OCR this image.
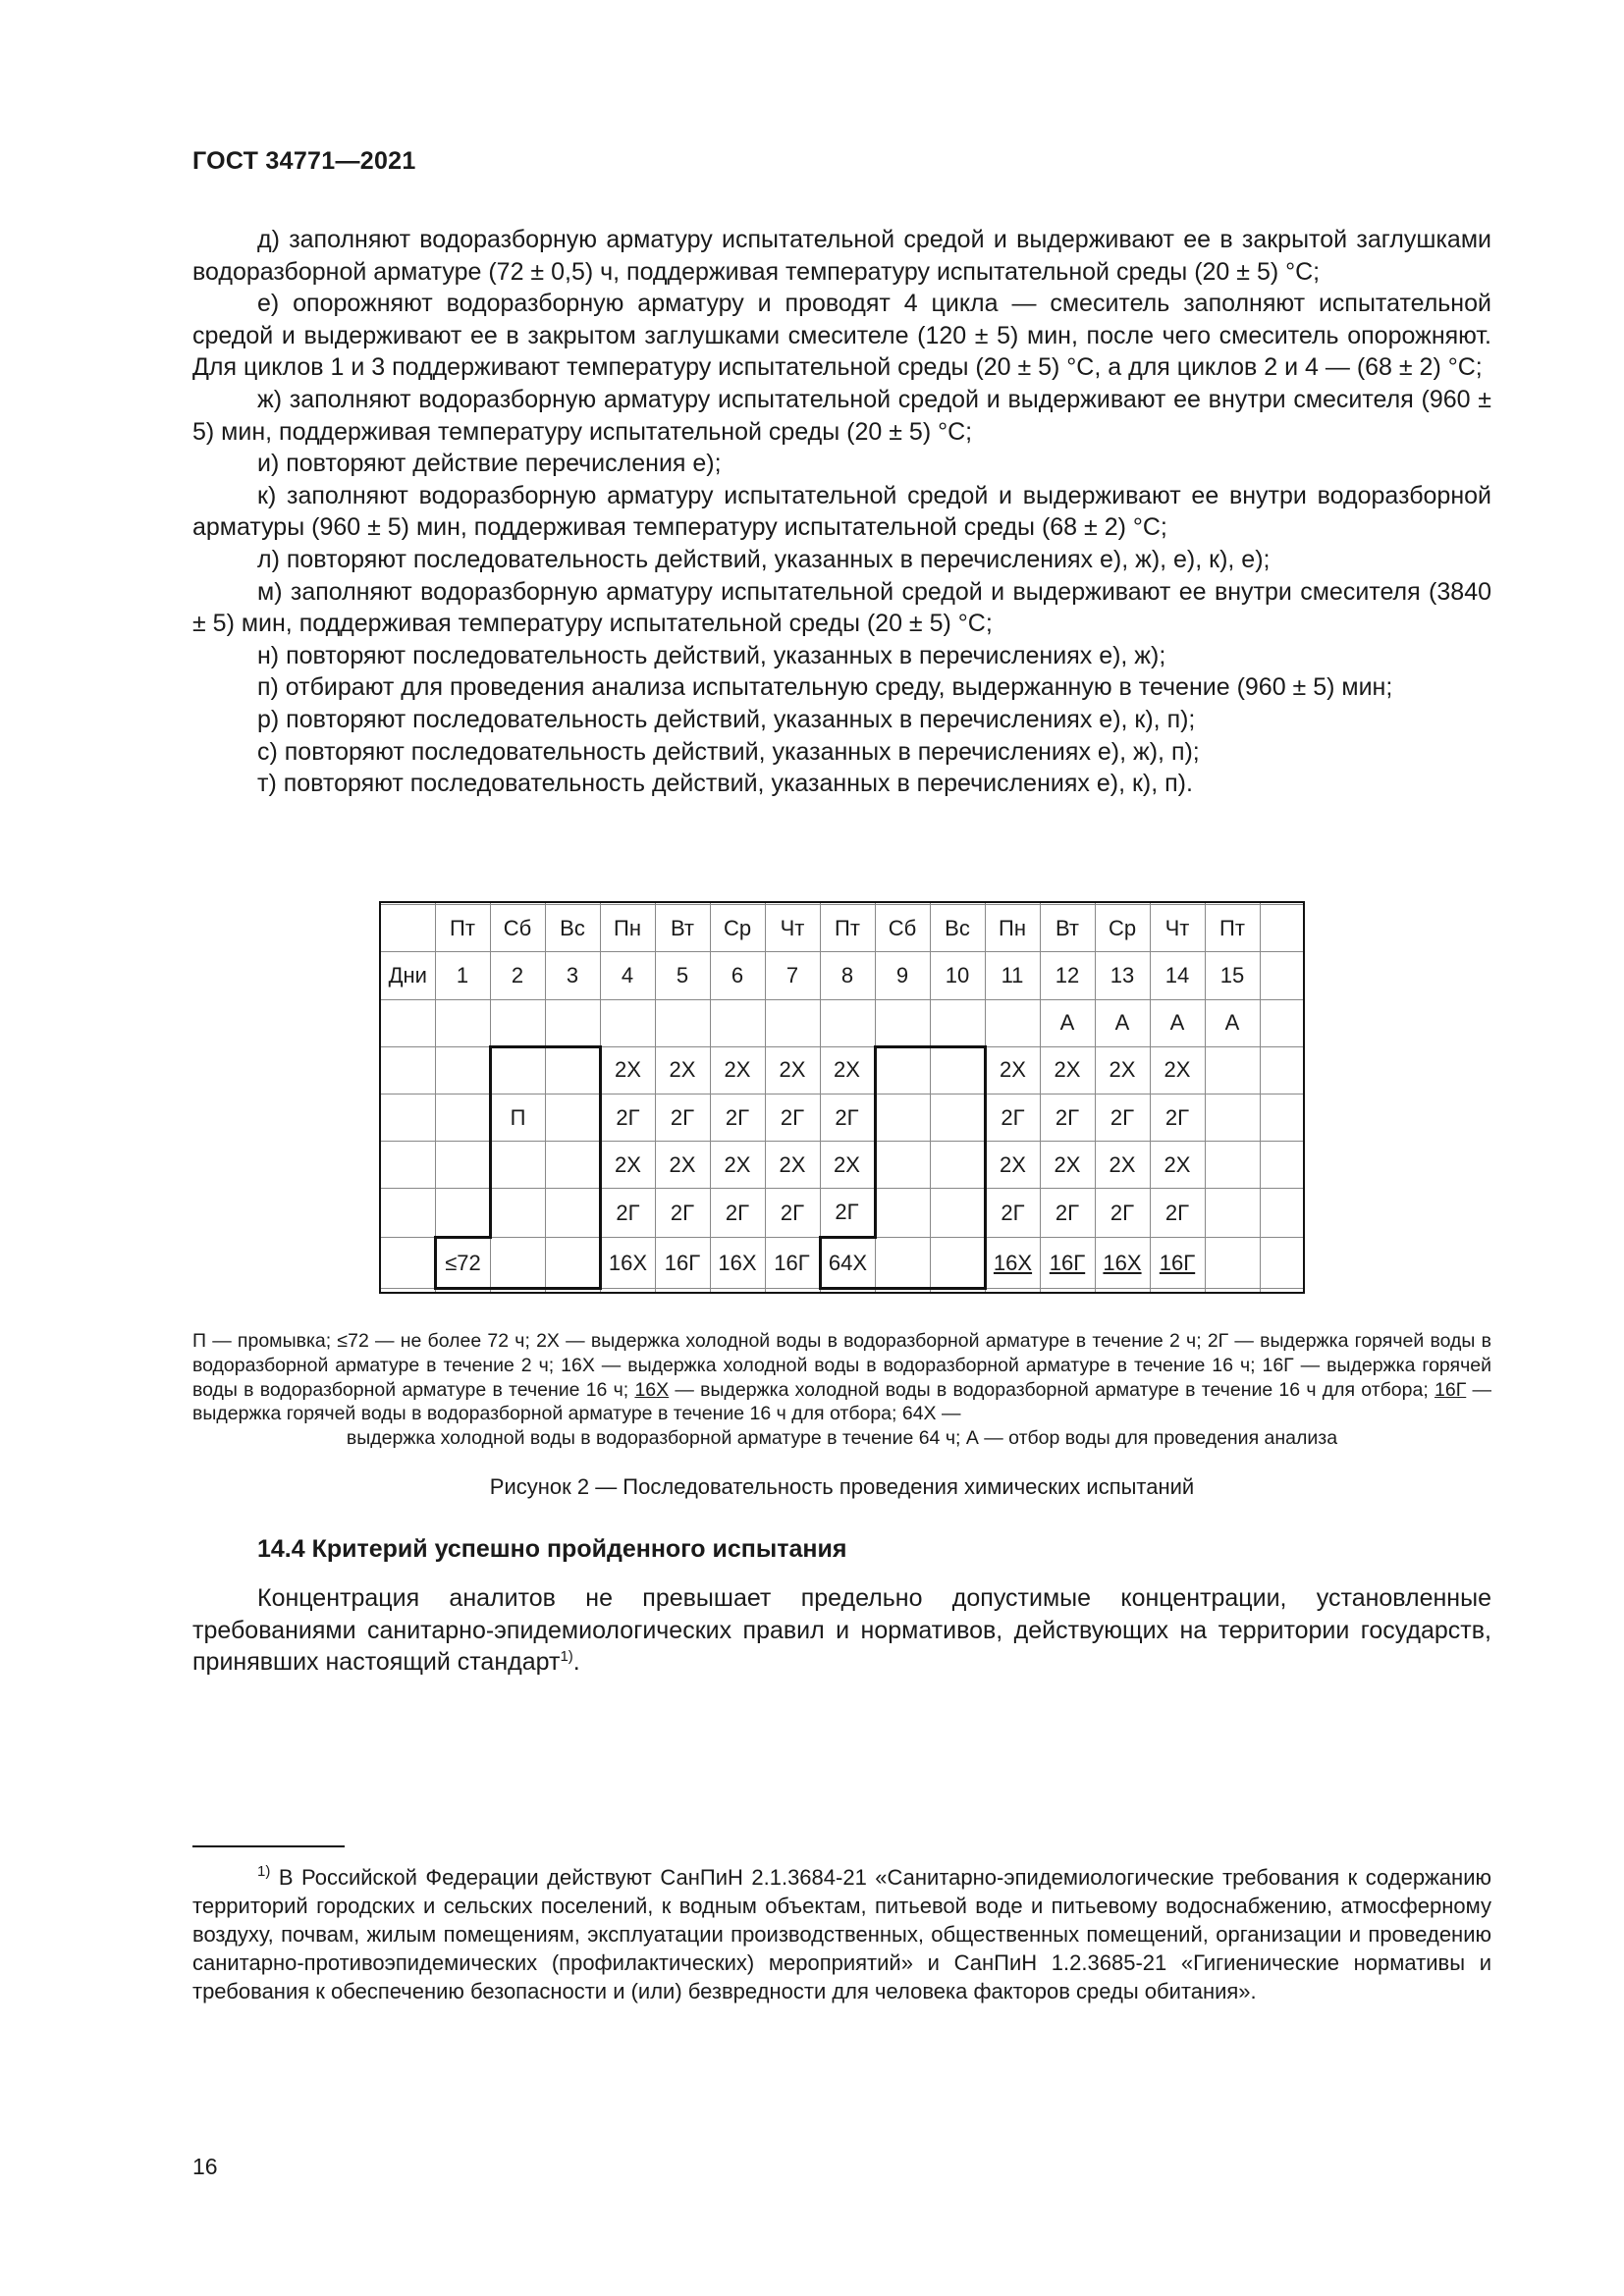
ГОСТ 34771—2021

д) заполняют водоразборную арматуру испытательной средой и выдерживают ее в закрытой заглушками водоразборной арматуре (72 ± 0,5) ч, поддерживая температуру испытательной среды (20 ± 5) °С;

е) опорожняют водоразборную арматуру и проводят 4 цикла — смеситель заполняют испытательной средой и выдерживают ее в закрытом заглушками смесителе (120 ± 5) мин, после чего смеситель опорожняют. Для циклов 1 и 3 поддерживают температуру испытательной среды (20 ± 5) °С, а для циклов 2 и 4 — (68 ± 2) °С;

ж) заполняют водоразборную арматуру испытательной средой и выдерживают ее внутри смесителя (960 ± 5) мин, поддерживая температуру испытательной среды (20 ± 5) °С;

и) повторяют действие перечисления е);

к) заполняют водоразборную арматуру испытательной средой и выдерживают ее внутри водоразборной арматуры (960 ± 5) мин, поддерживая температуру испытательной среды (68 ± 2) °С;

л) повторяют последовательность действий, указанных в перечислениях е), ж), е), к), е);

м) заполняют водоразборную арматуру испытательной средой и выдерживают ее внутри смесителя (3840 ± 5) мин, поддерживая температуру испытательной среды (20 ± 5) °С;

н) повторяют последовательность действий, указанных в перечислениях е), ж);

п) отбирают для проведения анализа испытательную среду, выдержанную в течение (960 ± 5) мин;

р) повторяют последовательность действий, указанных в перечислениях е), к), п);

с) повторяют последовательность действий, указанных в перечислениях е), ж), п);

т) повторяют последовательность действий, указанных в перечислениях е), к), п).

	Пт	Сб	Вс	Пн	Вт	Ср	Чт	Пт	Сб	Вс	Пн	Вт	Ср	Чт	Пт	
Дни	1	2	3	4	5	6	7	8	9	10	11	12	13	14	15	
												А	А	А	А	
				2Х	2Х	2Х	2Х	2Х			2Х	2Х	2Х	2Х		
		П		2Г	2Г	2Г	2Г	2Г			2Г	2Г	2Г	2Г		
				2Х	2Х	2Х	2Х	2Х			2Х	2Х	2Х	2Х		
				2Г	2Г	2Г	2Г	2Г			2Г	2Г	2Г	2Г		
	≤72			16Х	16Г	16Х	16Г	64Х			16Х	16Г	16Х	16Г		

П — промывка; ≤72 — не более 72 ч; 2Х — выдержка холодной воды в водоразборной арматуре в течение 2 ч; 2Г — выдержка горячей воды в водоразборной арматуре в течение 2 ч; 16Х — выдержка холодной воды в водоразборной арматуре в течение 16 ч; 16Г — выдержка горячей воды в водоразборной арматуре в течение 16 ч; 16Х — выдержка холодной воды в водоразборной арматуре в течение 16 ч для отбора; 16Г — выдержка горячей воды в водоразборной арматуре в течение 16 ч для отбора; 64Х —
выдержка холодной воды в водоразборной арматуре в течение 64 ч; А — отбор воды для проведения анализа
Рисунок 2 — Последовательность проведения химических испытаний
14.4 Критерий успешно пройденного испытания

Концентрация аналитов не превышает предельно допустимые концентрации, установленные требованиями санитарно-эпидемиологических правил и нормативов, действующих на территории государств, принявших настоящий стандарт$^{1)}$.

$^{1)}$ В Российской Федерации действуют СанПиН 2.1.3684-21 «Санитарно-эпидемиологические требования к содержанию территорий городских и сельских поселений, к водным объектам, питьевой воде и питьевому водоснабжению, атмосферному воздуху, почвам, жилым помещениям, эксплуатации производственных, общественных помещений, организации и проведению санитарно-противоэпидемических (профилактических) мероприятий» и СанПиН 1.2.3685-21 «Гигиенические нормативы и требования к обеспечению безопасности и (или) безвредности для человека факторов среды обитания».

16
